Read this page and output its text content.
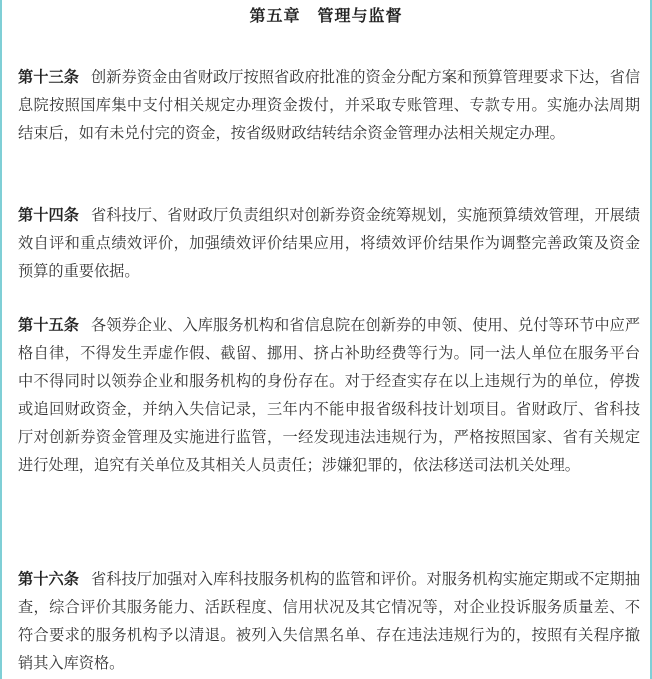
第五章　管理与监督
第十三条 创新券资金由省财政厅按照省政府批准的资金分配方案和预算管理要求下达，省信息院按照国库集中支付相关规定办理资金拨付，并采取专账管理、专款专用。实施办法周期结束后，如有未兑付完的资金，按省级财政结转结余资金管理办法相关规定办理。
第十四条 省科技厅、省财政厅负责组织对创新券资金统筹规划，实施预算绩效管理，开展绩效自评和重点绩效评价，加强绩效评价结果应用，将绩效评价结果作为调整完善政策及资金预算的重要依据。
第十五条 各领券企业、入库服务机构和省信息院在创新券的申领、使用、兑付等环节中应严格自律，不得发生弄虚作假、截留、挪用、挤占补助经费等行为。同一法人单位在服务平台中不得同时以领券企业和服务机构的身份存在。对于经查实存在以上违规行为的单位，停拨或追回财政资金，并纳入失信记录，三年内不能申报省级科技计划项目。省财政厅、省科技厅对创新券资金管理及实施进行监管，一经发现违法违规行为，严格按照国家、省有关规定进行处理，追究有关单位及其相关人员责任；涉嫌犯罪的，依法移送司法机关处理。
第十六条 省科技厅加强对入库科技服务机构的监管和评价。对服务机构实施定期或不定期抽查，综合评价其服务能力、活跃程度、信用状况及其它情况等，对企业投诉服务质量差、不符合要求的服务机构予以清退。被列入失信黑名单、存在违法违规行为的，按照有关程序撤销其入库资格。
